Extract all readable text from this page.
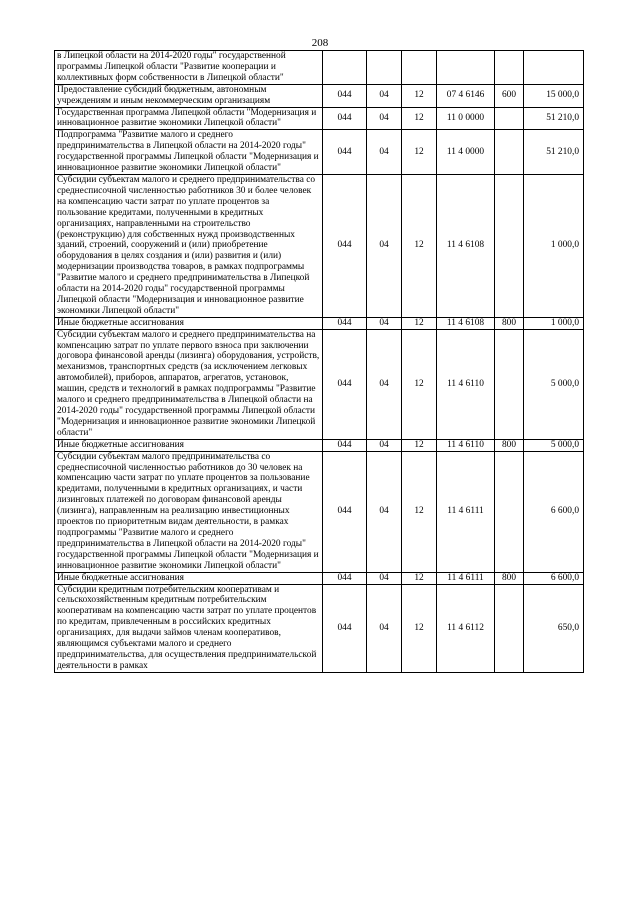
208
в Липецкой области на 2014-2020 годы" государственной программы Липецкой области "Развитие кооперации и коллективных форм собственности в Липецкой области"						
Предоставление субсидий бюджетным, автономным учреждениям и иным некоммерческим организациям	044	04	12	07 4 6146	600	15 000,0
Государственная программа Липецкой области "Модернизация и инновационное развитие экономики Липецкой области"	044	04	12	11 0 0000		51 210,0
Подпрограмма "Развитие малого и среднего предпринимательства в Липецкой области на 2014-2020 годы" государственной программы Липецкой области "Модернизация и инновационное развитие экономики Липецкой области"	044	04	12	11 4 0000		51 210,0
Субсидии субъектам малого и среднего предпринимательства со среднесписочной численностью работников 30 и более человек на компенсацию части затрат по уплате процентов за пользование кредитами, полученными в кредитных организациях, направленными на строительство (реконструкцию) для собственных нужд производственных зданий, строений, сооружений и (или) приобретение оборудования в целях создания и (или) развития и (или) модернизации производства товаров, в рамках подпрограммы "Развитие малого и среднего предпринимательства в Липецкой области на 2014-2020 годы" государственной программы Липецкой области "Модернизация и инновационное развитие экономики Липецкой области"	044	04	12	11 4 6108		1 000,0
Иные бюджетные ассигнования	044	04	12	11 4 6108	800	1 000,0
Субсидии субъектам малого и среднего предпринимательства на компенсацию затрат по уплате первого взноса при заключении договора финансовой аренды (лизинга) оборудования, устройств, механизмов, транспортных средств (за исключением легковых автомобилей), приборов, аппаратов, агрегатов, установок, машин, средств и технологий в рамках подпрограммы "Развитие малого и среднего предпринимательства в Липецкой области на 2014-2020 годы" государственной программы Липецкой области "Модернизация и инновационное развитие экономики Липецкой области"	044	04	12	11 4 6110		5 000,0
Иные бюджетные ассигнования	044	04	12	11 4 6110	800	5 000,0
Субсидии субъектам малого предпринимательства со среднесписочной численностью работников до 30 человек на компенсацию части затрат по уплате процентов за пользование кредитами, полученными в кредитных организациях, и части лизинговых платежей по договорам финансовой аренды (лизинга), направленным на реализацию инвестиционных проектов по приоритетным видам деятельности, в рамках подпрограммы "Развитие малого и среднего предпринимательства в Липецкой области на 2014-2020 годы" государственной программы Липецкой области "Модернизация и инновационное развитие экономики Липецкой области"	044	04	12	11 4 6111		6 600,0
Иные бюджетные ассигнования	044	04	12	11 4 6111	800	6 600,0
Субсидии кредитным потребительским кооперативам и сельскохозяйственным кредитным потребительским кооперативам на компенсацию части затрат по уплате процентов по кредитам, привлеченным в российских кредитных организациях, для выдачи займов членам кооперативов, являющимся субъектами малого и среднего предпринимательства, для осуществления предпринимательской деятельности в рамках	044	04	12	11 4 6112		650,0
